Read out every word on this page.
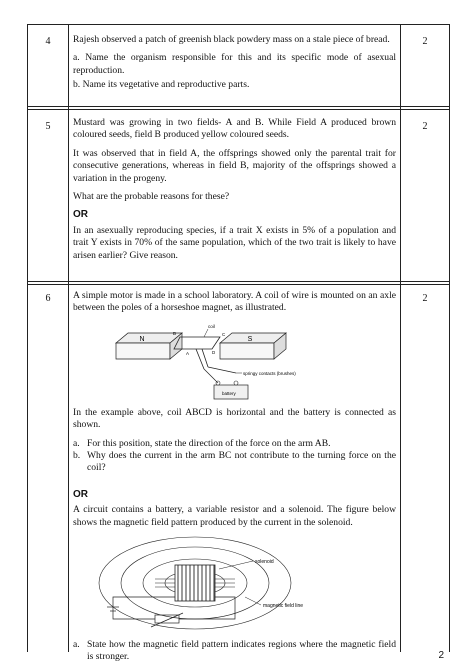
4	2

Rajesh observed a patch of greenish black powdery mass on a stale piece of bread.

a. Name the organism responsible for this and its specific mode of asexual reproduction.

b. Name its vegetative and reproductive parts.

5	2

Mustard was growing in two fields- A and B. While Field A produced brown coloured seeds, field B produced yellow coloured seeds.

It was observed that in field A, the offsprings showed only the parental trait for consecutive generations, whereas in field B, majority of the offsprings showed a variation in the progeny.

What are the probable reasons for these?

OR

In an asexually reproducing species, if a trait X exists in 5% of a population and trait Y exists in 70% of the same population, which of the two trait is likely to have arisen earlier? Give reason.

6	2

A simple motor is made in a school laboratory. A coil of wire is mounted on an axle between the poles of a horseshoe magnet, as illustrated.

N	S
coil
B
A
C
D
springy contacts (brushes)
battery

In the example above, coil ABCD is horizontal and the battery is connected as shown.

a. For this position, state the direction of the force on the arm AB.
b. Why does the current in the arm BC not contribute to the turning force on the coil?
OR

A circuit contains a battery, a variable resistor and a solenoid. The figure below shows the magnetic field pattern produced by the current in the solenoid.

solenoid
magnetic field line
a. State how the magnetic field pattern indicates regions where the magnetic field is stronger.	2
